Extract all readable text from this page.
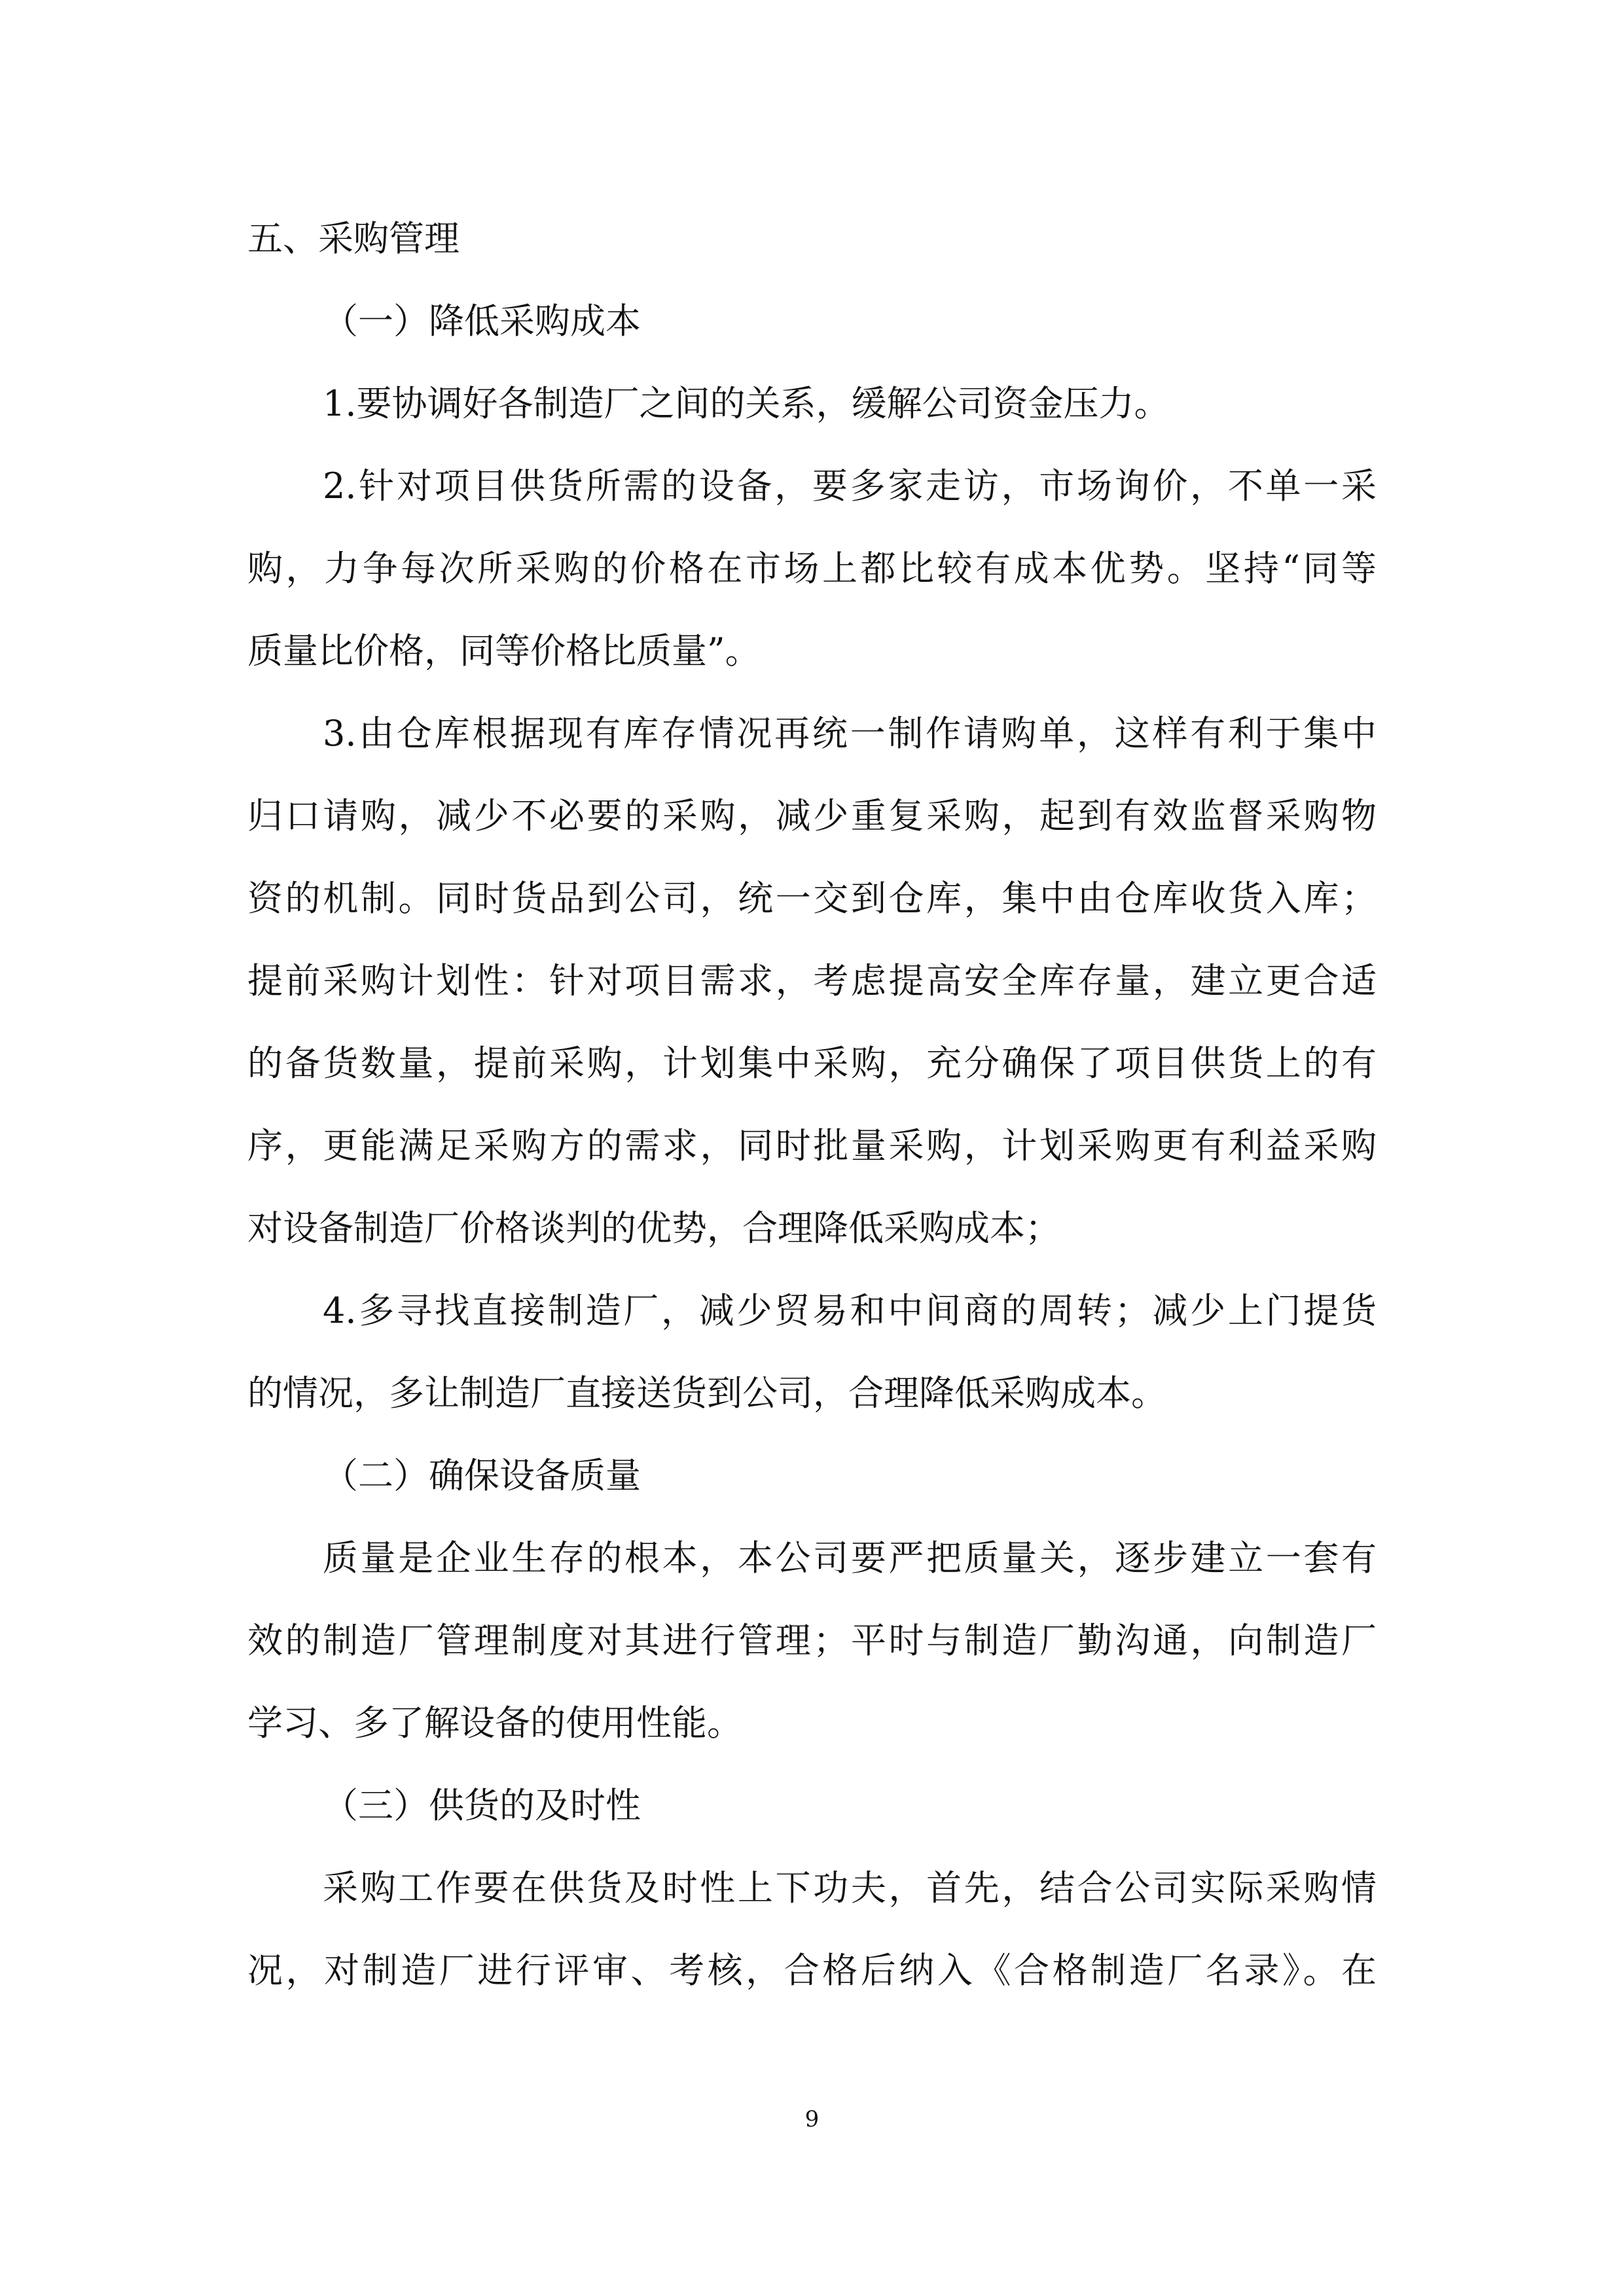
五、采购管理
（一）降低采购成本
1.要协调好各制造厂之间的关系，缓解公司资金压力。
2.针对项目供货所需的设备，要多家走访，市场询价，不单一采
购，力争每次所采购的价格在市场上都比较有成本优势。坚持“同等
质量比价格，同等价格比质量”。
3.由仓库根据现有库存情况再统一制作请购单，这样有利于集中
归口请购，减少不必要的采购，减少重复采购，起到有效监督采购物
资的机制。同时货品到公司，统一交到仓库，集中由仓库收货入库；
提前采购计划性：针对项目需求，考虑提高安全库存量，建立更合适
的备货数量，提前采购，计划集中采购，充分确保了项目供货上的有
序，更能满足采购方的需求，同时批量采购，计划采购更有利益采购
对设备制造厂价格谈判的优势，合理降低采购成本；
4.多寻找直接制造厂，减少贸易和中间商的周转；减少上门提货
的情况，多让制造厂直接送货到公司，合理降低采购成本。
（二）确保设备质量
质量是企业生存的根本，本公司要严把质量关，逐步建立一套有
效的制造厂管理制度对其进行管理；平时与制造厂勤沟通，向制造厂
学习、多了解设备的使用性能。
（三）供货的及时性
采购工作要在供货及时性上下功夫，首先，结合公司实际采购情
况，对制造厂进行评审、考核，合格后纳入《合格制造厂名录》。在
9
